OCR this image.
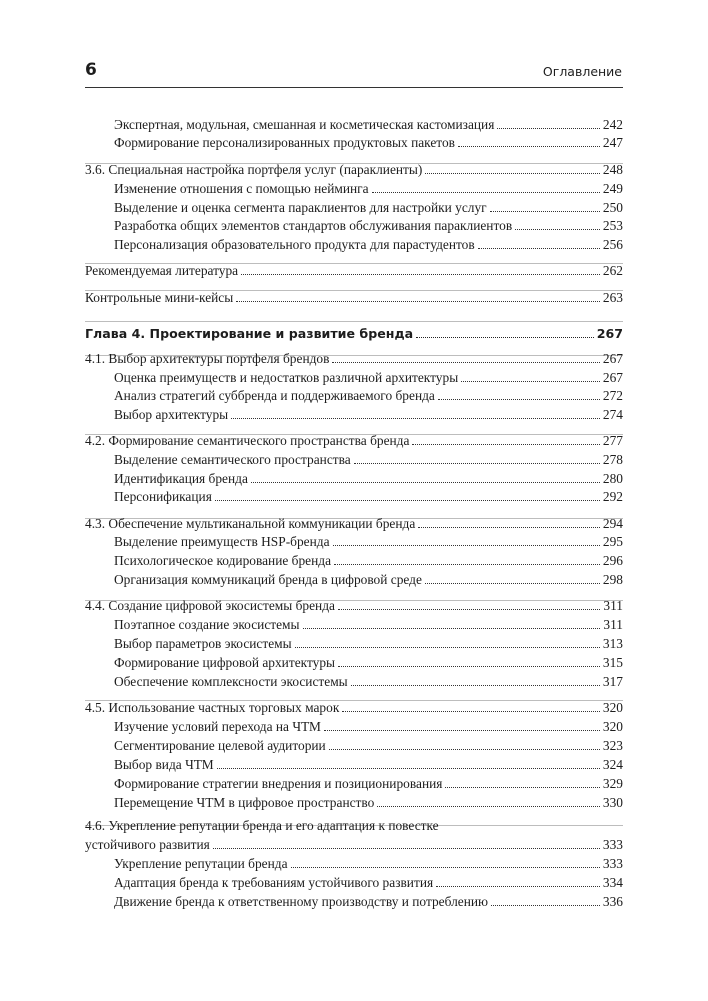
6	Оглавление
Экспертная, модульная, смешанная и косметическая кастомизация	242
Формирование персонализированных продуктовых пакетов	247
3.6. Специальная настройка портфеля услуг (параклиенты)	248
Изменение отношения с помощью нейминга	249
Выделение и оценка сегмента параклиентов для настройки услуг	250
Разработка общих элементов стандартов обслуживания параклиентов	253
Персонализация образовательного продукта для парастудентов	256
Рекомендуемая литература	262
Контрольные мини-кейсы	263
Глава 4. Проектирование и развитие бренда	267
4.1. Выбор архитектуры портфеля брендов	267
Оценка преимуществ и недостатков различной архитектуры	267
Анализ стратегий суббренда и поддерживаемого бренда	272
Выбор архитектуры	274
4.2. Формирование семантического пространства бренда	277
Выделение семантического пространства	278
Идентификация бренда	280
Персонификация	292
4.3. Обеспечение мультиканальной коммуникации бренда	294
Выделение преимуществ HSP-бренда	295
Психологическое кодирование бренда	296
Организация коммуникаций бренда в цифровой среде	298
4.4. Создание цифровой экосистемы бренда	311
Поэтапное создание экосистемы	311
Выбор параметров экосистемы	313
Формирование цифровой архитектуры	315
Обеспечение комплексности экосистемы	317
4.5. Использование частных торговых марок	320
Изучение условий перехода на ЧТМ	320
Сегментирование целевой аудитории	323
Выбор вида ЧТМ	324
Формирование стратегии внедрения и позиционирования	329
Перемещение ЧТМ в цифровое пространство	330
4.6. Укрепление репутации бренда и его адаптация к повестке
устойчивого развития	333
Укрепление репутации бренда	333
Адаптация бренда к требованиям устойчивого развития	334
Движение бренда к ответственному производству и потреблению	336
